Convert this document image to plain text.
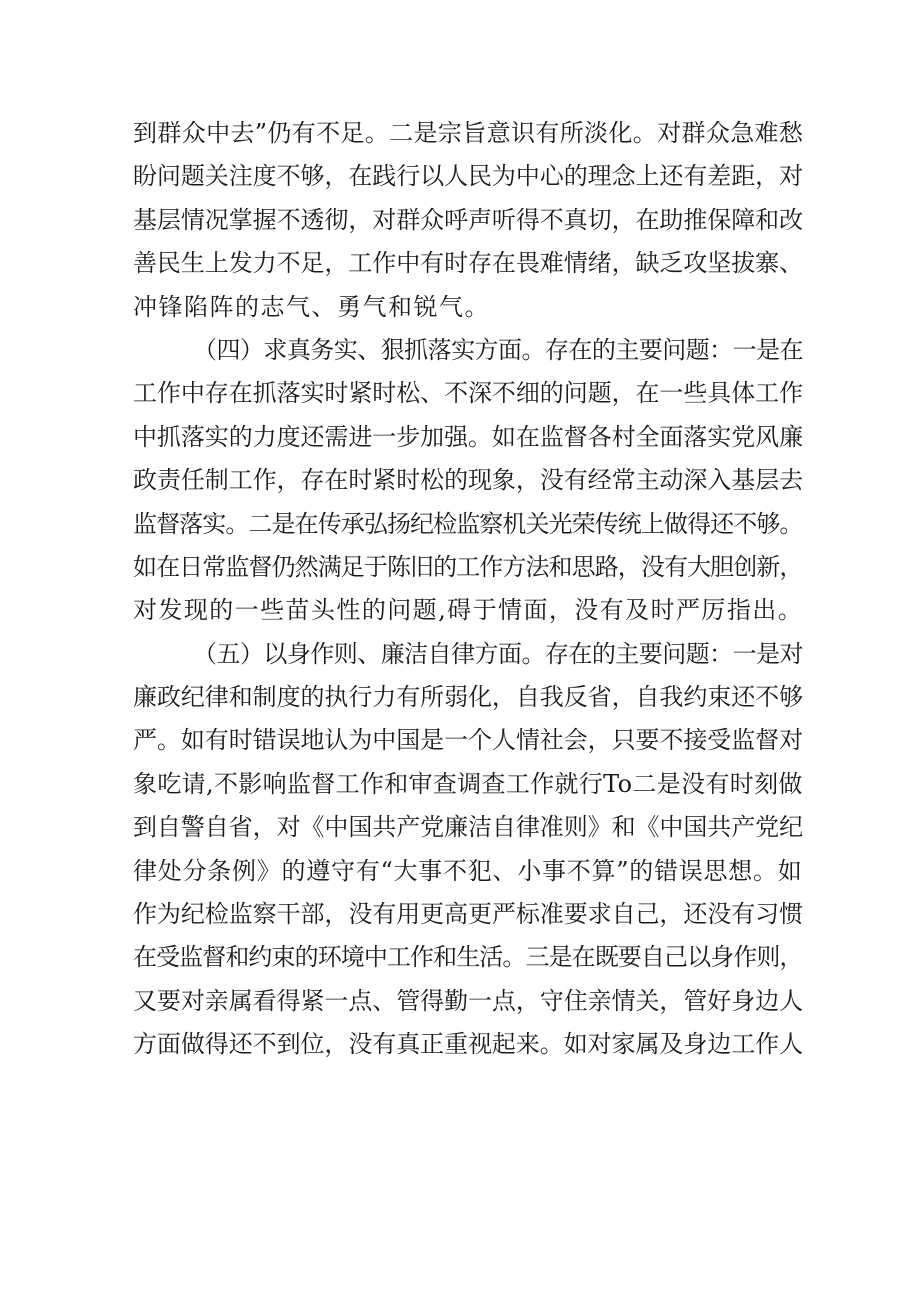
到群众中去”仍有不足。二是宗旨意识有所淡化。对群众急难愁
盼问题关注度不够，在践行以人民为中心的理念上还有差距，对
基层情况掌握不透彻，对群众呼声听得不真切，在助推保障和改
善民生上发力不足，工作中有时存在畏难情绪，缺乏攻坚拔寨、
冲锋陷阵的志气、勇气和锐气。
（四）求真务实、狠抓落实方面。存在的主要问题：一是在
工作中存在抓落实时紧时松、不深不细的问题，在一些具体工作
中抓落实的力度还需进一步加强。如在监督各村全面落实党风廉
政责任制工作，存在时紧时松的现象，没有经常主动深入基层去
监督落实。二是在传承弘扬纪检监察机关光荣传统上做得还不够。
如在日常监督仍然满足于陈旧的工作方法和思路，没有大胆创新，
对发现的一些苗头性的问题,碍于情面，没有及时严厉指出。
（五）以身作则、廉洁自律方面。存在的主要问题：一是对
廉政纪律和制度的执行力有所弱化，自我反省，自我约束还不够
严。如有时错误地认为中国是一个人情社会，只要不接受监督对
象吃请,不影响监督工作和审查调查工作就行To二是没有时刻做
到自警自省，对《中国共产党廉洁自律准则》和《中国共产党纪
律处分条例》的遵守有“大事不犯、小事不算”的错误思想。如
作为纪检监察干部，没有用更高更严标准要求自己，还没有习惯
在受监督和约束的环境中工作和生活。三是在既要自己以身作则，
又要对亲属看得紧一点、管得勤一点，守住亲情关，管好身边人
方面做得还不到位，没有真正重视起来。如对家属及身边工作人
